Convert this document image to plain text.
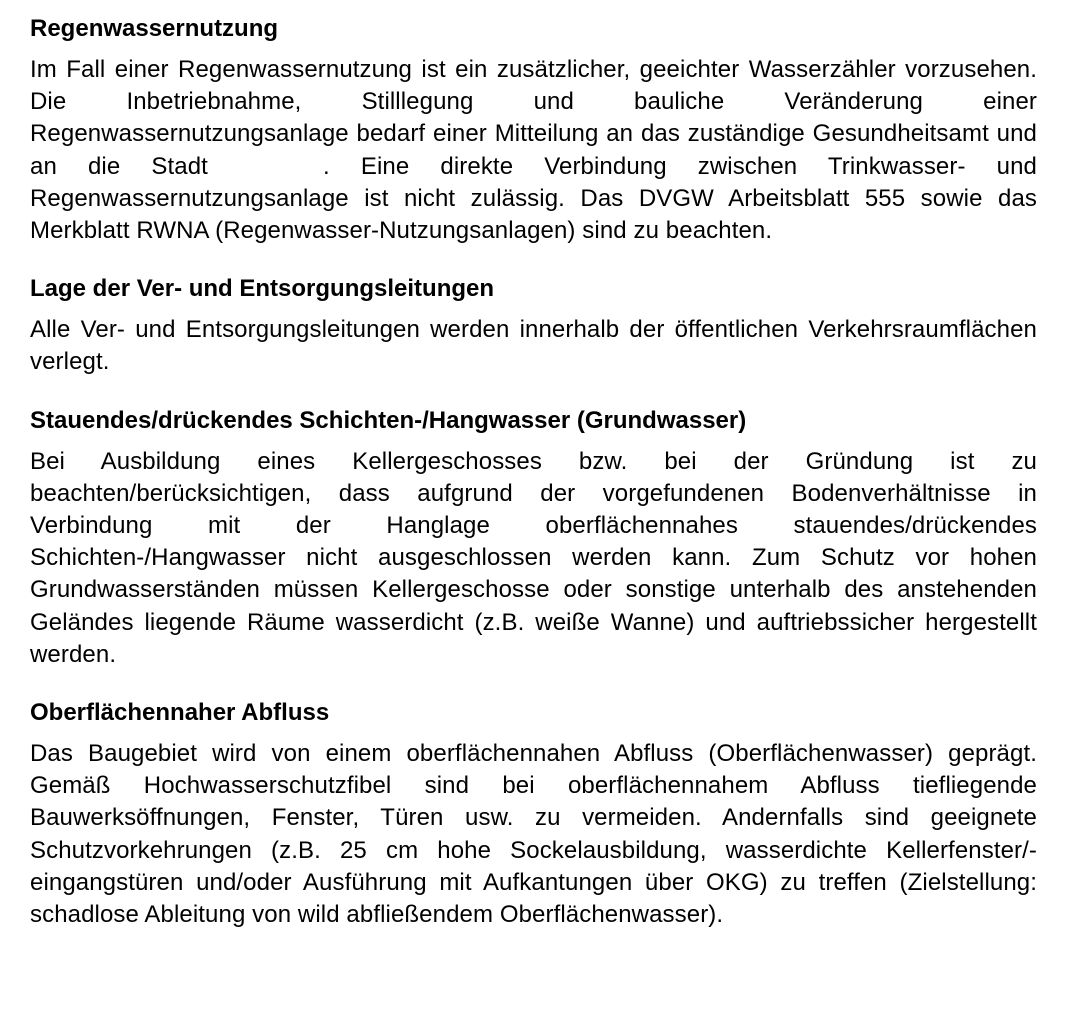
Regenwassernutzung

Im Fall einer Regenwassernutzung ist ein zusätzlicher, geeichter Wasserzähler vorzusehen. Die Inbetriebnahme, Stilllegung und bauliche Veränderung einer Regenwassernutzungsanlage bedarf einer Mitteilung an das zuständige Gesundheitsamt und an die Stadt	. Eine direkte Verbindung zwischen Trinkwasser- und Regenwassernutzungsanlage ist nicht zulässig. Das DVGW Arbeitsblatt 555 sowie das Merkblatt RWNA (Regenwasser-Nutzungsanlagen) sind zu beachten.

Lage der Ver- und Entsorgungsleitungen

Alle Ver- und Entsorgungsleitungen werden innerhalb der öffentlichen Verkehrsraumflächen verlegt.

Stauendes/drückendes Schichten-/Hangwasser (Grundwasser)

Bei Ausbildung eines Kellergeschosses bzw. bei der Gründung ist zu beachten/berücksichtigen, dass aufgrund der vorgefundenen Bodenverhältnisse in Verbindung mit der Hanglage oberflächennahes stauendes/drückendes Schichten-/Hangwasser nicht ausgeschlossen werden kann. Zum Schutz vor hohen Grundwasserständen müssen Kellergeschosse oder sonstige unterhalb des anstehenden Geländes liegende Räume wasserdicht (z.B. weiße Wanne) und auftriebssicher hergestellt werden.

Oberflächennaher Abfluss

Das Baugebiet wird von einem oberflächennahen Abfluss (Oberflächenwasser) geprägt. Gemäß Hochwasserschutzfibel sind bei oberflächennahem Abfluss tiefliegende Bauwerksöffnungen, Fenster, Türen usw. zu vermeiden. Andernfalls sind geeignete Schutzvorkehrungen (z.B. 25 cm hohe Sockelausbildung, wasserdichte Kellerfenster/-eingangstüren und/oder Ausführung mit Aufkantungen über OKG) zu treffen (Zielstellung: schadlose Ableitung von wild abfließendem Oberflächenwasser).
